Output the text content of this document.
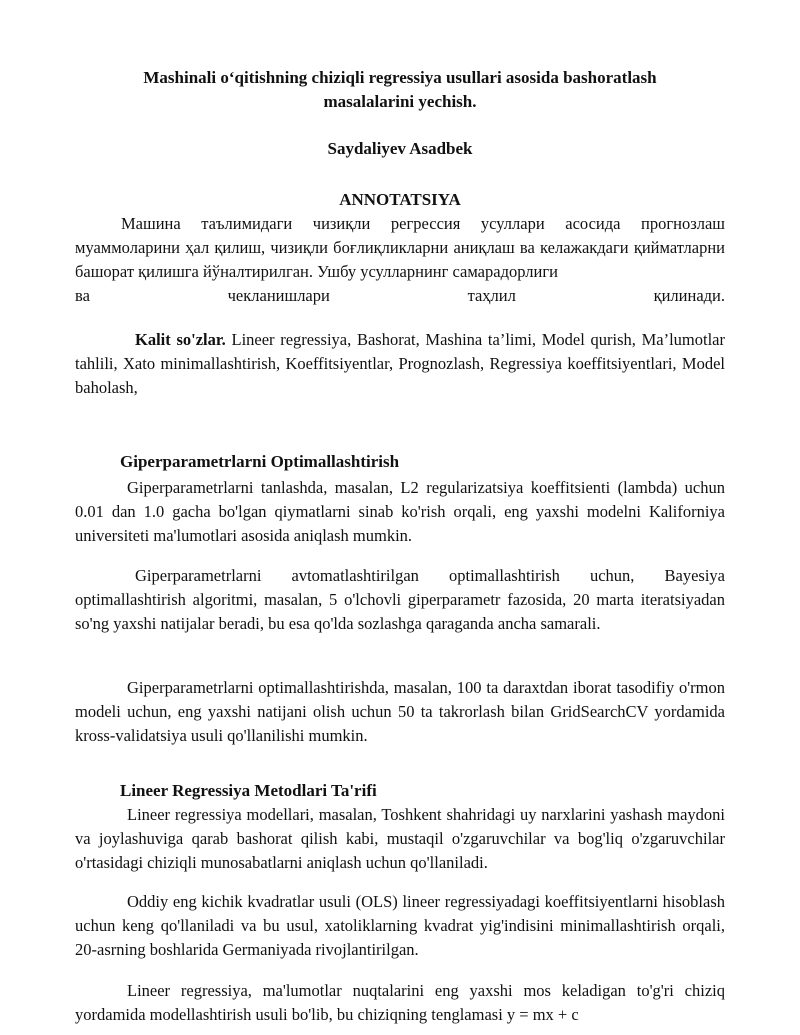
Mashinali o‘qitishning chiziqli regressiya usullari asosida bashoratlash
masalalarini yechish.
Saydaliyev Asadbek
ANNOTATSIYA

Машина таълимидаги чизиқли регрессия усуллари асосида прогнозлаш муаммоларини ҳал қилиш, чизиқли боғлиқликларни аниқлаш ва келажакдаги қийматларни башорат қилишга йўналтирилган. Ушбу усулларнинг самарадорлиги

ва чекланишлари таҳлил қилинади.

Kalit so'zlar. Lineer regressiya, Bashorat, Mashina ta’limi, Model qurish, Ma’lumotlar tahlili, Xato minimallashtirish, Koeffitsiyentlar, Prognozlash, Regressiya koeffitsiyentlari, Model baholash,

Giperparametrlarni Optimallashtirish

Giperparametrlarni tanlashda, masalan, L2 regularizatsiya koeffitsienti (lambda) uchun 0.01 dan 1.0 gacha bo'lgan qiymatlarni sinab ko'rish orqali, eng yaxshi modelni Kaliforniya universiteti ma'lumotlari asosida aniqlash mumkin.

Giperparametrlarni avtomatlashtirilgan optimallashtirish uchun, Bayesiya optimallashtirish algoritmi, masalan, 5 o'lchovli giperparametr fazosida, 20 marta iteratsiyadan so'ng yaxshi natijalar beradi, bu esa qo'lda sozlashga qaraganda ancha samarali.

Giperparametrlarni optimallashtirishda, masalan, 100 ta daraxtdan iborat tasodifiy o'rmon modeli uchun, eng yaxshi natijani olish uchun 50 ta takrorlash bilan GridSearchCV yordamida kross-validatsiya usuli qo'llanilishi mumkin.

Lineer Regressiya Metodlari Ta'rifi

Lineer regressiya modellari, masalan, Toshkent shahridagi uy narxlarini yashash maydoni va joylashuviga qarab bashorat qilish kabi, mustaqil o'zgaruvchilar va bog'liq o'zgaruvchilar o'rtasidagi chiziqli munosabatlarni aniqlash uchun qo'llaniladi.

Oddiy eng kichik kvadratlar usuli (OLS) lineer regressiyadagi koeffitsiyentlarni hisoblash uchun keng qo'llaniladi va bu usul, xatoliklarning kvadrat yig'indisini minimallashtirish orqali, 20-asrning boshlarida Germaniyada rivojlantirilgan.

Lineer regressiya, ma'lumotlar nuqtalarini eng yaxshi mos keladigan to'g'ri chiziq yordamida modellashtirish usuli bo'lib, bu chiziqning tenglamasi y = mx + c
